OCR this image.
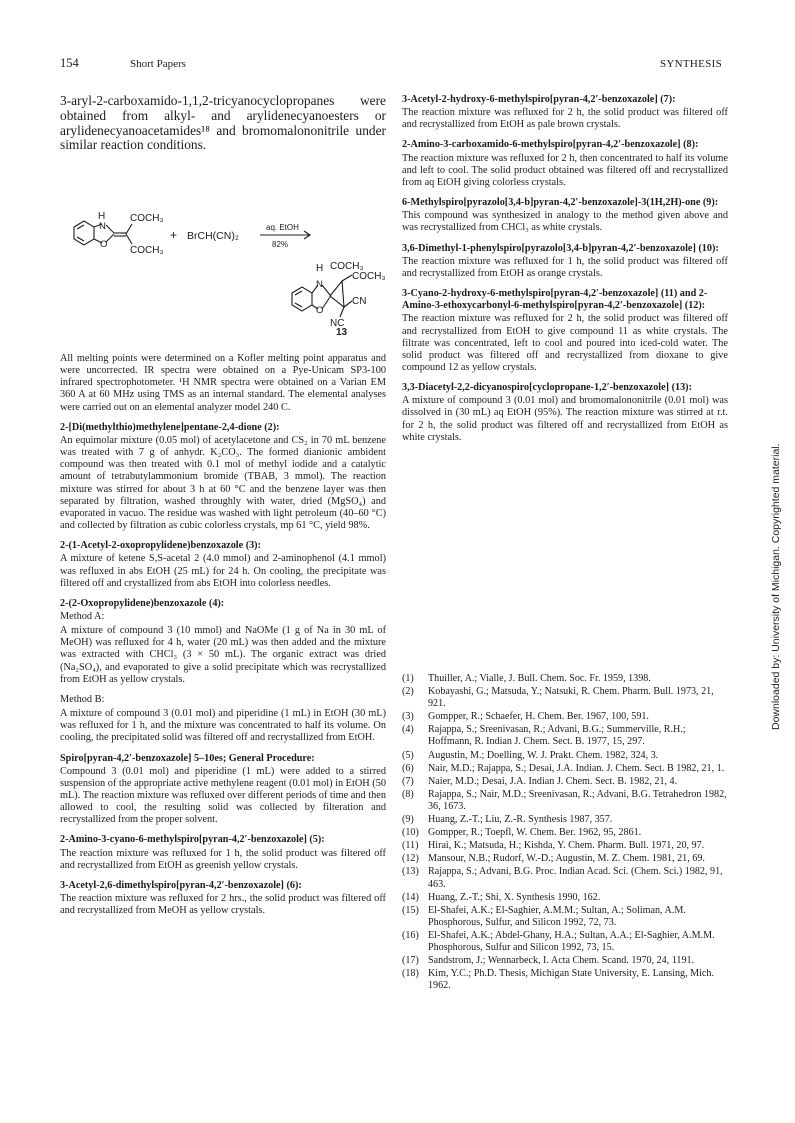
154	Short Papers	SYNTHESIS
3-aryl-2-carboxamido-1,1,2-tricyanocyclopropanes were obtained from alkyl- and arylidenecyanoesters or arylidenecyanoacetamides¹⁸ and bromomalononitrile under similar reaction conditions.
H
N
O
COCH₃
COCH₃
+ BrCH(CN)₂
aq. EtOH
82%
H
N
O
COCH₃
COCH₃
CN
NC
13
All melting points were determined on a Kofler melting point apparatus and were uncorrected. IR spectra were obtained on a Pye-Unicam SP3-100 infrared spectrophotometer. ¹H NMR spectra were obtained on a Varian EM 360 A at 60 MHz using TMS as an internal standard. The elemental analyses were carried out on an elemental analyzer model 240 C.
2-[Di(methylthio)methylene]pentane-2,4-dione (2):
An equimolar mixture (0.05 mol) of acetylacetone and CS₂ in 70 mL benzene was treated with 7 g of anhydr. K₂CO₃. The formed dianionic ambident compound was then treated with 0.1 mol of methyl iodide and a catalytic amount of tetrabutylammonium bromide (TBAB, 3 mmol). The reaction mixture was stirred for about 3 h at 60 °C and the benzene layer was then separated by filtration, washed throughly with water, dried (MgSO₄) and evaporated in vacuo. The residue was washed with light petroleum (40–60 °C) and collected by filtration as cubic colorless crystals, mp 61 °C, yield 98%.
2-(1-Acetyl-2-oxopropylidene)benzoxazole (3):
A mixture of ketene S,S-acetal 2 (4.0 mmol) and 2-aminophenol (4.1 mmol) was refluxed in abs EtOH (25 mL) for 24 h. On cooling, the precipitate was filtered off and crystallized from abs EtOH into colorless needles.
2-(2-Oxopropylidene)benzoxazole (4):
Method A:
A mixture of compound 3 (10 mmol) and NaOMe (1 g of Na in 30 mL of MeOH) was refluxed for 4 h, water (20 mL) was then added and the mixture was extracted with CHCl₃ (3 × 50 mL). The organic extract was dried (Na₂SO₄), and evaporated to give a solid precipitate which was recrystallized from EtOH as yellow crystals.
Method B:
A mixture of compound 3 (0.01 mol) and piperidine (1 mL) in EtOH (30 mL) was refluxed for 1 h, and the mixture was concentrated to half its volume. On cooling, the precipitated solid was filtered off and recrystallized from EtOH.
Spiro[pyran-4,2′-benzoxazole] 5–10es; General Procedure:
Compound 3 (0.01 mol) and piperidine (1 mL) were added to a stirred suspension of the appropriate active methylene reagent (0.01 mol) in EtOH (50 mL). The reaction mixture was refluxed over different periods of time and then allowed to cool, the resulting solid was collected by filteration and recrystallized from the proper solvent.
2-Amino-3-cyano-6-methylspiro[pyran-4,2′-benzoxazole] (5):
The reaction mixture was refluxed for 1 h, the solid product was filtered off and recrystallized from EtOH as greenish yellow crystals.
3-Acetyl-2,6-dimethylspiro[pyran-4,2′-benzoxazole] (6):
The reaction mixture was refluxed for 2 hrs., the solid product was filtered off and recrystallized from MeOH as yellow crystals.
3-Acetyl-2-hydroxy-6-methylspiro[pyran-4,2′-benzoxazole] (7):
The reaction mixture was refluxed for 2 h, the solid product was filtered off and recrystallized from EtOH as pale brown crystals.
2-Amino-3-carboxamido-6-methylspiro[pyran-4,2′-benzoxazole] (8):
The reaction mixture was refluxed for 2 h, then concentrated to half its volume and left to cool. The solid product obtained was filtered off and recrystallized from aq EtOH giving colorless crystals.
6-Methylspiro[pyrazolo[3,4-b]pyran-4,2′-benzoxazole]-3(1H,2H)-one (9):
This compound was synthesized in analogy to the method given above and was recrystallized from CHCl₃ as white crystals.
3,6-Dimethyl-1-phenylspiro[pyrazolo[3,4-b]pyran-4,2′-benzoxazole] (10):
The reaction mixture was refluxed for 1 h, the solid product was filtered off and recrystallized from EtOH as orange crystals.
3-Cyano-2-hydroxy-6-methylspiro[pyran-4,2′-benzoxazole] (11) and 2-Amino-3-ethoxycarbonyl-6-methylspiro[pyran-4,2′-benzoxazole] (12):
The reaction mixture was refluxed for 2 h, the solid product was filtered off and recrystallized from EtOH to give compound 11 as white crystals. The filtrate was concentrated, left to cool and poured into iced-cold water. The solid product was filtered off and recrystallized from dioxane to give compound 12 as yellow crystals.
3,3-Diacetyl-2,2-dicyanospiro[cyclopropane-1,2′-benzoxazole] (13):
A mixture of compound 3 (0.01 mol) and bromomalononitrile (0.01 mol) was dissolved in (30 mL) aq EtOH (95%). The reaction mixture was stirred at r.t. for 2 h, the solid product was filtered off and recrystallized from EtOH as white crystals.
(1) Thuiller, A.; Vialle, J. Bull. Chem. Soc. Fr. 1959, 1398.
(2) Kobayashi, G.; Matsuda, Y.; Natsuki, R. Chem. Pharm. Bull. 1973, 21, 921.
(3) Gompper, R.; Schaefer, H. Chem. Ber. 1967, 100, 591.
(4) Rajappa, S.; Sreenivasan, R.; Advani, B.G.; Summerville, R.H.; Hoffmann, R. Indian J. Chem. Sect. B. 1977, 15, 297.
(5) Augustin, M.; Doelling, W. J. Prakt. Chem. 1982, 324, 3.
(6) Nair, M.D.; Rajappa, S.; Desai, J.A. Indian. J. Chem. Sect. B 1982, 21, 1.
(7) Naier, M.D.; Desai, J.A. Indian J. Chem. Sect. B. 1982, 21, 4.
(8) Rajappa, S.; Nair, M.D.; Sreenivasan, R.; Advani, B.G. Tetrahedron 1982, 36, 1673.
(9) Huang, Z.-T.; Liu, Z.-R. Synthesis 1987, 357.
(10) Gompper, R.; Toepfl, W. Chem. Ber. 1962, 95, 2861.
(11) Hirai, K.; Matsuda, H.; Kishda, Y. Chem. Pharm. Bull. 1971, 20, 97.
(12) Mansour, N.B.; Rudorf, W.-D.; Augustin, M. Z. Chem. 1981, 21, 69.
(13) Rajappa, S.; Advani, B.G. Proc. Indian Acad. Sci. (Chem. Sci.) 1982, 91, 463.
(14) Huang, Z.-T.; Shi, X. Synthesis 1990, 162.
(15) El-Shafei, A.K.; El-Saghier, A.M.M.; Sultan, A.; Soliman, A.M. Phosphorous, Sulfur, and Silicon 1992, 72, 73.
(16) El-Shafei, A.K.; Abdel-Ghany, H.A.; Sultan, A.A.; El-Saghier, A.M.M. Phosphorous, Sulfur and Silicon 1992, 73, 15.
(17) Sandstrom, J.; Wennarbeck, I. Acta Chem. Scand. 1970, 24, 1191.
(18) Kim, Y.C.; Ph.D. Thesis, Michigan State University, E. Lansing, Mich. 1962.
Downloaded by: University of Michigan. Copyrighted material.
